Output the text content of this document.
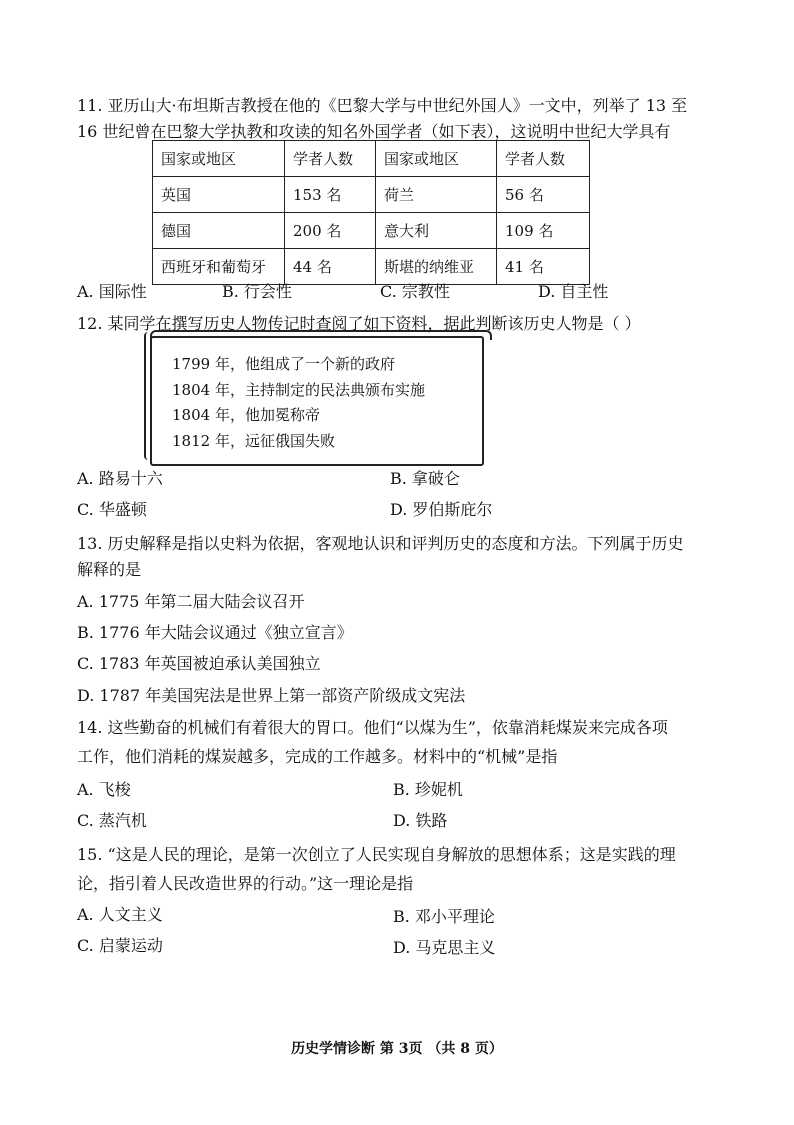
11. 亚历山大·布坦斯吉教授在他的《巴黎大学与中世纪外国人》一文中，列举了 13 至
16 世纪曾在巴黎大学执教和攻读的知名外国学者（如下表），这说明中世纪大学具有
国家或地区	学者人数	国家或地区	学者人数
英国	153 名	荷兰	56 名
德国	200 名	意大利	109 名
西班牙和葡萄牙	44 名	斯堪的纳维亚	41 名
A. 国际性	B. 行会性	C. 宗教性	D. 自主性
12. 某同学在撰写历史人物传记时查阅了如下资料，据此判断该历史人物是（ ）
1799 年，他组成了一个新的政府
1804 年，主持制定的民法典颁布实施
1804 年，他加冕称帝
1812 年，远征俄国失败
A. 路易十六	B. 拿破仑
C. 华盛顿	D. 罗伯斯庇尔
13. 历史解释是指以史料为依据，客观地认识和评判历史的态度和方法。下列属于历史
解释的是
A. 1775 年第二届大陆会议召开
B. 1776 年大陆会议通过《独立宣言》
C. 1783 年英国被迫承认美国独立
D. 1787 年美国宪法是世界上第一部资产阶级成文宪法
14. 这些勤奋的机械们有着很大的胃口。他们“以煤为生”，依靠消耗煤炭来完成各项
工作，他们消耗的煤炭越多，完成的工作越多。材料中的“机械”是指
A. 飞梭	B. 珍妮机
C. 蒸汽机	D. 铁路
15. “这是人民的理论，是第一次创立了人民实现自身解放的思想体系；这是实践的理
论，指引着人民改造世界的行动。”这一理论是指
A. 人文主义	B. 邓小平理论
C. 启蒙运动	D. 马克思主义
历史学情诊断 第 3页 （共 8 页）
